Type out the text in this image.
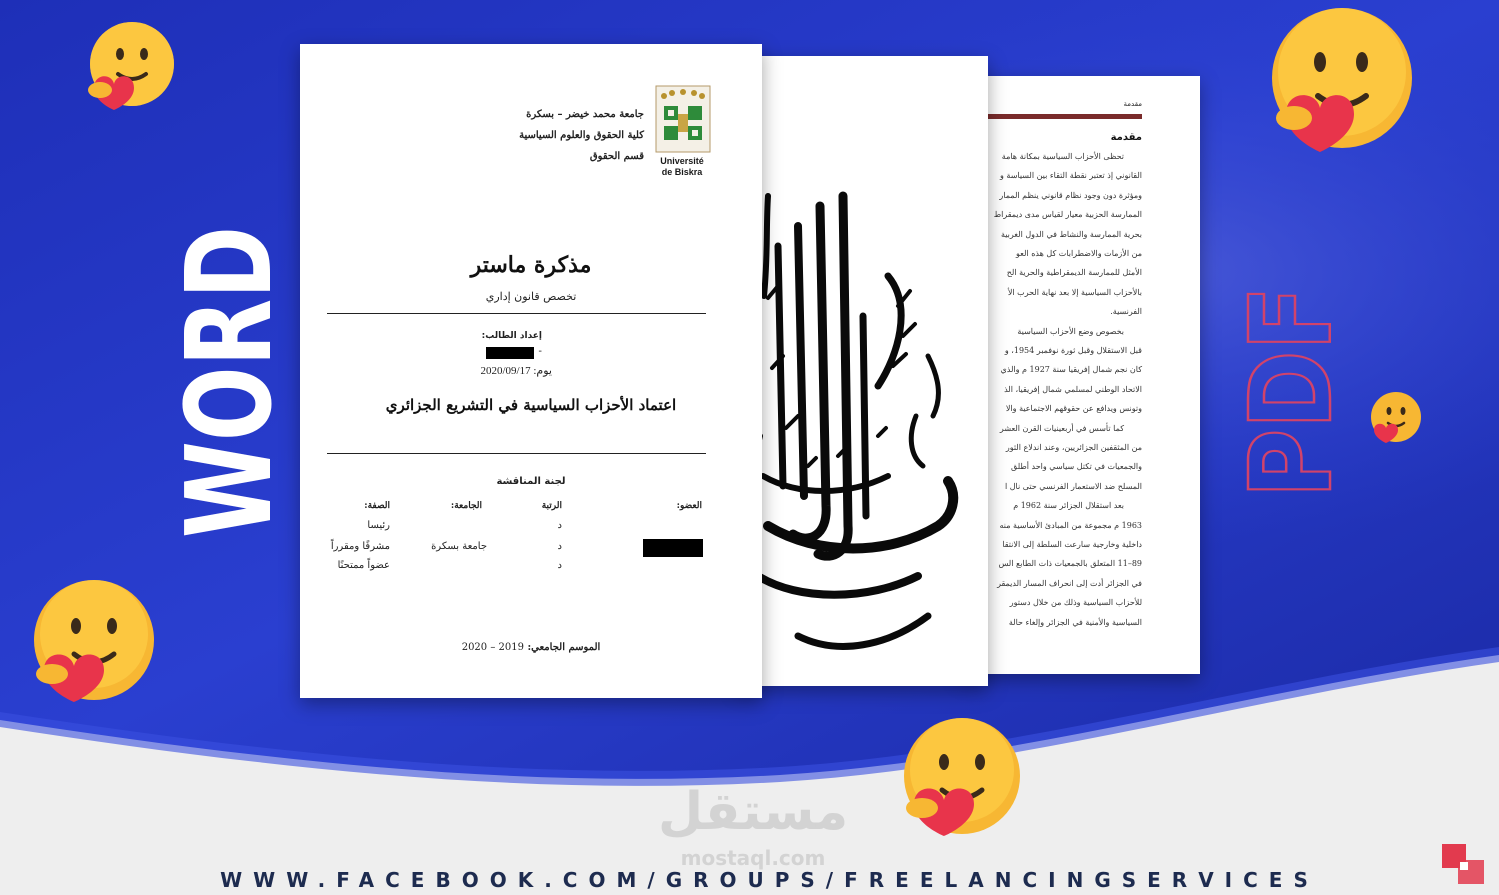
WORD	PDF
مقدمة
مقدمة
تحظى الأحزاب السياسية بمكانة هامة
القانوني إذ تعتبر نقطة التقاء بين السياسة و
ومؤثرة دون وجود نظام قانوني ينظم الممار
الممارسة الحزبية معيار لقياس مدى ديمقراط
بحرية الممارسة والنشاط في الدول الغربية
من الأزمات والاضطرابات كل هذه العو
الأمثل للممارسة الديمقراطية والحرية الح
بالأحزاب السياسية إلا بعد نهاية الحرب الأ
الفرنسية.
بخصوص وضع الأحزاب السياسية
قبل الاستقلال وقبل ثورة نوفمبر 1954، و
كان نجم شمال إفريقيا سنة 1927 م والذي
الاتحاد الوطني لمسلمي شمال إفريقيا، الذ
وتونس ويدافع عن حقوقهم الاجتماعية والا
كما تأسس في أربعينيات القرن العشر
من المثقفين الجزائريين، وعند اندلاع الثور
والجمعيات في تكتل سياسي واحد أطلق
المسلح ضد الاستعمار الفرنسي حتى نال ا
بعد استقلال الجزائر سنة 1962 م
1963 م مجموعة من المبادئ الأساسية منه
داخلية وخارجية سارعت السلطة إلى الانتقا
89–11 المتعلق بالجمعيات ذات الطابع الس
في الجزائر أدت إلى انحراف المسار الديمقر
للأحزاب السياسية وذلك من خلال دستور
السياسية والأمنية في الجزائر وإلغاء حالة
Université
de Biskra
جامعة محمد خيضر – بسكرة
كلية الحقوق والعلوم السياسية
قسم الحقوق
مذكرة ماستر
تخصص قانون إداري
إعداد الطالب:
-
يوم: 2020/09/17
اعتماد الأحزاب السياسية في التشريع الجزائري
لجنة المناقشة
العضو:
الرتبة
الجامعة:
الصفة:
د
رئيسا
د
جامعة بسكرة
مشرفًا ومقرراً
د
عضواً ممتحنًا
الموسم الجامعي: 2019 – 2020
مستقل
mostaql.com
WWW.FACEBOOK.COM/GROUPS/FREELANCINGSERVICES
